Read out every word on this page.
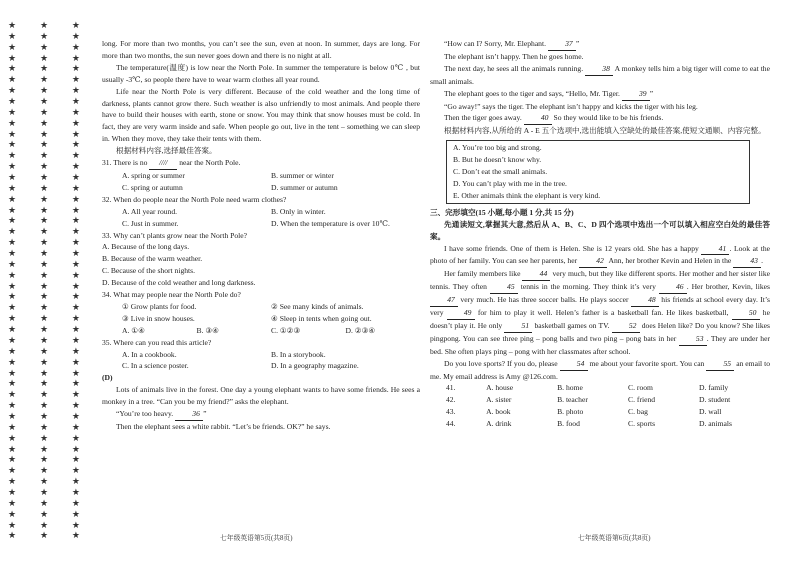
★	★	★
★	★	★
★	★	★
★	★	★
★	★	★
★	★	★
★	★	★
★	★	★
★	★	★
★	★	★
★	★	★
★	★	★
★	★	★
★	★	★
★	★	★
★	★	★
★	★	★
★	★	★
★	★	★
★	★	★
★	★	★
★	★	★
★	★	★
★	★	★
★	★	★
★	★	★
★	★	★
★	★	★
★	★	★
★	★	★
★	★	★
★	★	★
★	★	★
★	★	★
★	★	★
★	★	★
★	★	★
★	★	★
★	★	★
★	★	★
★	★	★
★	★	★
★	★	★
★	★	★
★	★	★
★	★	★
★	★	★
★	★	★

long. For more than two months, you can’t see the sun, even at noon. In summer, days are long. For more than two months, the sun never goes down and there is no night at all.

The temperature(温度) is low near the North Pole. In summer the temperature is below 0℃ , but usually -3℃, so people there have to wear warm clothes all year round.

Life near the North Pole is very different. Because of the cold weather and the long time of darkness, plants cannot grow there. Such weather is also unfriendly to most animals. And people there have to build their houses with earth, stone or snow. You may think that snow houses must be cold. In fact, they are very warm inside and safe. When people go out, live in the tent – something we can sleep in. When they move, they take their tents with them.

根据材料内容,选择最佳答案。

31. There is no //// near the North Pole.

A. spring or summer	B. summer or winter
C. spring or autumn	D. summer or autumn

32. When do people near the North Pole need warm clothes?

A. All year round.	B. Only in winter.
C. Just in summer.	D. When the temperature is over 10℃.

33. Why can’t plants grow near the North Pole?

A. Because of the long days.

B. Because of the warm weather.

C. Because of the short nights.

D. Because of the cold weather and long darkness.

34. What may people near the North Pole do?

① Grow plants for food.	② See many kinds of animals.
③ Live in snow houses.	④ Sleep in tents when going out.
A. ①④	B. ③④	C. ①②③	D. ②③④

35. Where can you read this article?

A. In a cookbook.	B. In a storybook.
C. In a science poster.	D. In a geography magazine.

(D)

Lots of animals live in the forest. One day a young elephant wants to have some friends. He sees a monkey in a tree. “Can you be my friend?” asks the elephant.

“You’re too heavy. 36 ”

Then the elephant sees a white rabbit. “Let’s be friends. OK?” he says.

“How can I? Sorry, Mr. Elephant. 37 ”

The elephant isn’t happy. Then he goes home.

The next day, he sees all the animals running. 38 A monkey tells him a big tiger will come to eat the small animals.

The elephant goes to the tiger and says, “Hello, Mr. Tiger. 39 ”

“Go away!” says the tiger. The elephant isn’t happy and kicks the tiger with his leg.

Then the tiger goes away. 40 So they would like to be his friends.

根据材料内容,从所给的 A - E 五个选项中,选出能填入空缺处的最佳答案,使短文通顺、内容完整。

A. You’re too big and strong.

B. But he doesn’t know why.

C. Don’t eat the small animals.

D. You can’t play with me in the tree.

E. Other animals think the elephant is very kind.

三、完形填空(15 小题,每小题 1 分,共 15 分)

先通读短文,掌握其大意,然后从 A、B、C、D 四个选项中选出一个可以填入相应空白处的最佳答案。

I have some friends. One of them is Helen. She is 12 years old. She has a happy 41 . Look at the photo of her family. You can see her parents, her 42 Ann, her brother Kevin and Helen in the 43 .

Her family members like 44 very much, but they like different sports. Her mother and her sister like tennis. They often 45 tennis in the morning. They think it’s very 46 . Her brother, Kevin, likes 47 very much. He has three soccer balls. He plays soccer 48 his friends at school every day. It’s very 49 for him to play it well. Helen’s father is a basketball fan. He likes basketball, 50 he doesn’t play it. He only 51 basketball games on TV. 52 does Helen like? Do you know? She likes pingpong. You can see three ping – pong balls and two ping – pong bats in her 53 . They are under her bed. She often plays ping – pong with her classmates after school.

Do you love sports? If you do, please 54 me about your favorite sport. You can 55 an email to me. My email address is Amy @126.com.

41.	A. house	B. home	C. room	D. family
42.	A. sister	B. teacher	C. friend	D. student
43.	A. book	B. photo	C. bag	D. wall
44.	A. drink	B. food	C. sports	D. animals
七年级英语第5页(共8页)	七年级英语第6页(共8页)
